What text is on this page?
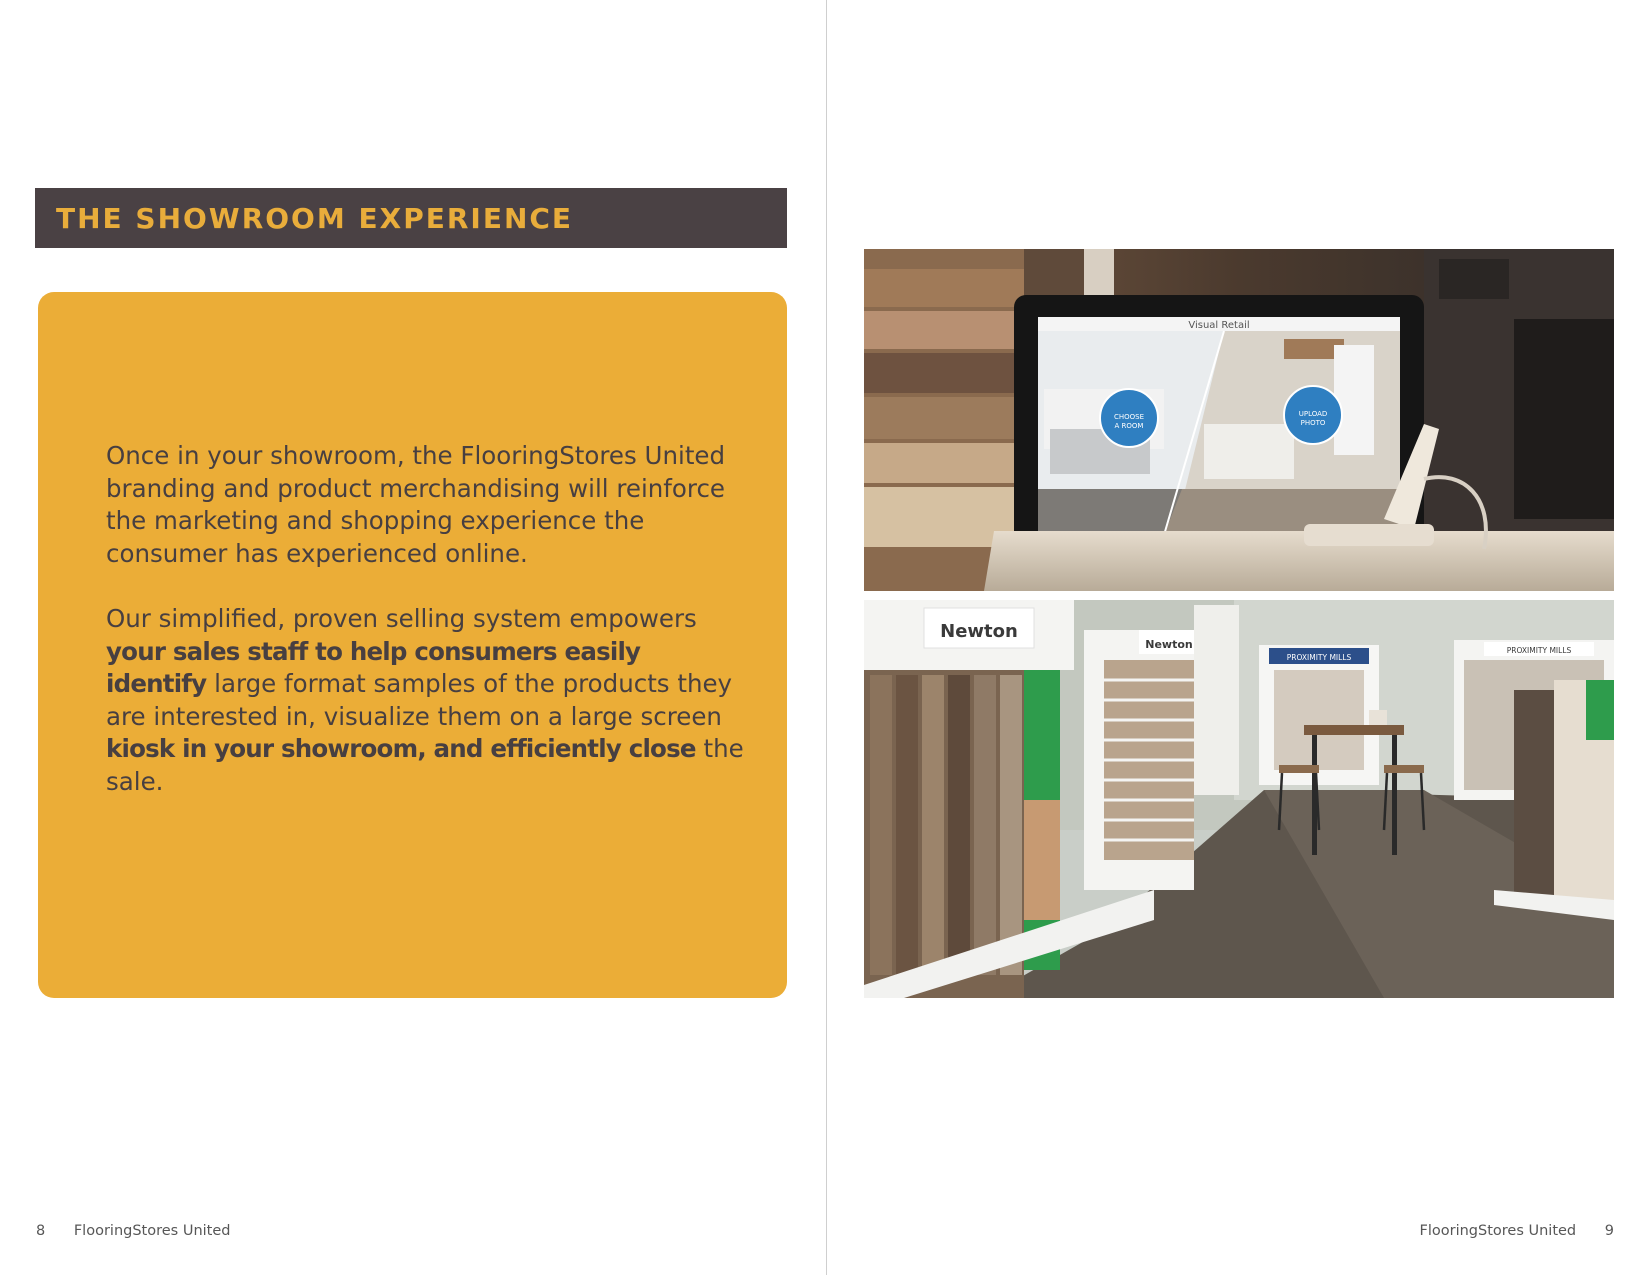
THE SHOWROOM EXPERIENCE

Once in your showroom, the FlooringStores United branding and product merchandising will reinforce the marketing and shopping experience the consumer has experienced online.

Our simplified, proven selling system empowers your sales staff to help consumers easily identify large format samples of the products they are interested in, visualize them on a large screen kiosk in your showroom, and efficiently close the sale.

Visual Retail
CHOOSE
A ROOM
UPLOAD
PHOTO
Newton
Newton
PROXIMITY MILLS
PROXIMITY MILLS
8 FlooringStores United	FlooringStores United 9
